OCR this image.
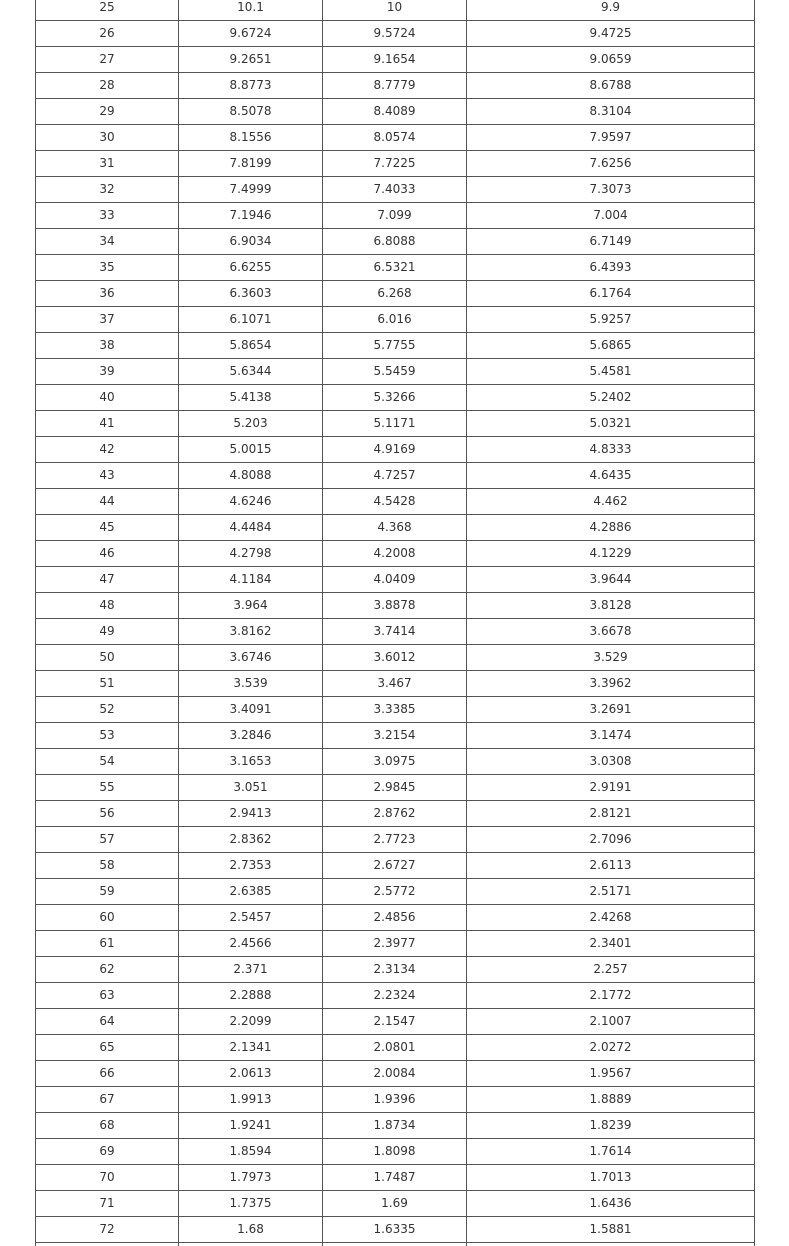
25	10.1	10	9.9
26	9.6724	9.5724	9.4725
27	9.2651	9.1654	9.0659
28	8.8773	8.7779	8.6788
29	8.5078	8.4089	8.3104
30	8.1556	8.0574	7.9597
31	7.8199	7.7225	7.6256
32	7.4999	7.4033	7.3073
33	7.1946	7.099	7.004
34	6.9034	6.8088	6.7149
35	6.6255	6.5321	6.4393
36	6.3603	6.268	6.1764
37	6.1071	6.016	5.9257
38	5.8654	5.7755	5.6865
39	5.6344	5.5459	5.4581
40	5.4138	5.3266	5.2402
41	5.203	5.1171	5.0321
42	5.0015	4.9169	4.8333
43	4.8088	4.7257	4.6435
44	4.6246	4.5428	4.462
45	4.4484	4.368	4.2886
46	4.2798	4.2008	4.1229
47	4.1184	4.0409	3.9644
48	3.964	3.8878	3.8128
49	3.8162	3.7414	3.6678
50	3.6746	3.6012	3.529
51	3.539	3.467	3.3962
52	3.4091	3.3385	3.2691
53	3.2846	3.2154	3.1474
54	3.1653	3.0975	3.0308
55	3.051	2.9845	2.9191
56	2.9413	2.8762	2.8121
57	2.8362	2.7723	2.7096
58	2.7353	2.6727	2.6113
59	2.6385	2.5772	2.5171
60	2.5457	2.4856	2.4268
61	2.4566	2.3977	2.3401
62	2.371	2.3134	2.257
63	2.2888	2.2324	2.1772
64	2.2099	2.1547	2.1007
65	2.1341	2.0801	2.0272
66	2.0613	2.0084	1.9567
67	1.9913	1.9396	1.8889
68	1.9241	1.8734	1.8239
69	1.8594	1.8098	1.7614
70	1.7973	1.7487	1.7013
71	1.7375	1.69	1.6436
72	1.68	1.6335	1.5881
